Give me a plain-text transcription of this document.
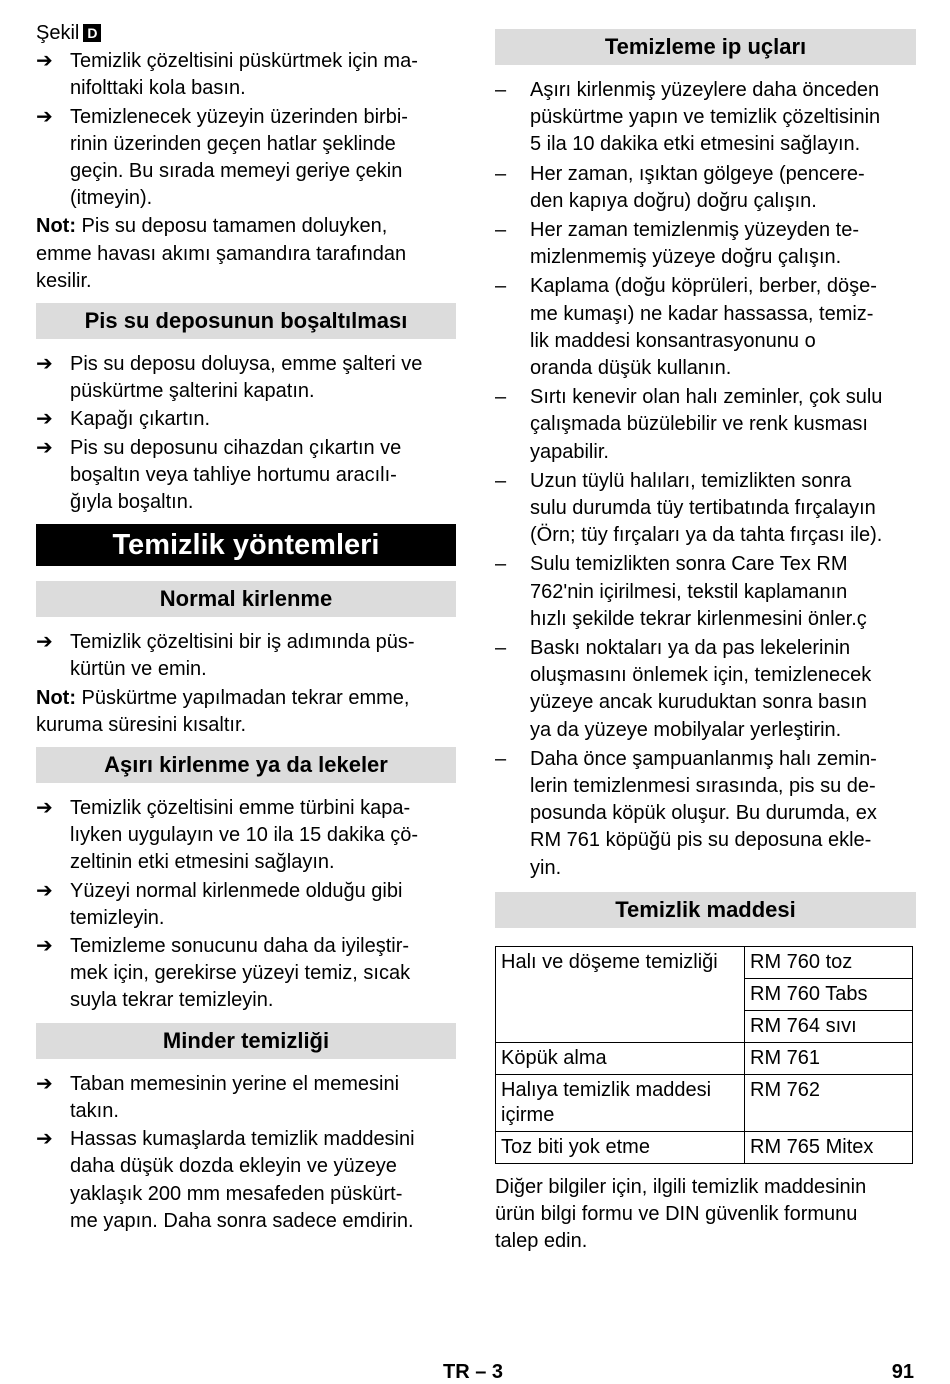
Şekil D
➔ Temizlik çözeltisini püskürtmek için ma-
nifolttaki kola basın.
➔ Temizlenecek yüzeyin üzerinden birbi-
rinin üzerinden geçen hatlar şeklinde
geçin. Bu sırada memeyi geriye çekin
(itmeyin).
Not: Pis su deposu tamamen doluyken,
emme havası akımı şamandıra tarafından
kesilir.
Pis su deposunun boşaltılması
➔ Pis su deposu doluysa, emme şalteri ve
püskürtme şalterini kapatın.
➔ Kapağı çıkartın.
➔ Pis su deposunu cihazdan çıkartın ve
boşaltın veya tahliye hortumu aracılı-
ğıyla boşaltın.
Temizlik yöntemleri
Normal kirlenme
➔ Temizlik çözeltisini bir iş adımında püs-
kürtün ve emin.
Not: Püskürtme yapılmadan tekrar emme,
kuruma süresini kısaltır.
Aşırı kirlenme ya da lekeler
➔ Temizlik çözeltisini emme türbini kapa-
lıyken uygulayın ve 10 ila 15 dakika çö-
zeltinin etki etmesini sağlayın.
➔ Yüzeyi normal kirlenmede olduğu gibi
temizleyin.
➔ Temizleme sonucunu daha da iyileştir-
mek için, gerekirse yüzeyi temiz, sıcak
suyla tekrar temizleyin.
Minder temizliği
➔ Taban memesinin yerine el memesini
takın.
➔ Hassas kumaşlarda temizlik maddesini
daha düşük dozda ekleyin ve yüzeye
yaklaşık 200 mm mesafeden püskürt-
me yapın. Daha sonra sadece emdirin.
Temizleme ip uçları
– Aşırı kirlenmiş yüzeylere daha önceden
püskürtme yapın ve temizlik çözeltisinin
5 ila 10 dakika etki etmesini sağlayın.
– Her zaman, ışıktan gölgeye (pencere-
den kapıya doğru) doğru çalışın.
– Her zaman temizlenmiş yüzeyden te-
mizlenmemiş yüzeye doğru çalışın.
– Kaplama (doğu köprüleri, berber, döşe-
me kumaşı) ne kadar hassassa, temiz-
lik maddesi konsantrasyonunu o
oranda düşük kullanın.
– Sırtı kenevir olan halı zeminler, çok sulu
çalışmada büzülebilir ve renk kusması
yapabilir.
– Uzun tüylü halıları, temizlikten sonra
sulu durumda tüy tertibatında fırçalayın
(Örn; tüy fırçaları ya da tahta fırçası ile).
– Sulu temizlikten sonra Care Tex RM
762'nin içirilmesi, tekstil kaplamanın
hızlı şekilde tekrar kirlenmesini önler.ç
– Baskı noktaları ya da pas lekelerinin
oluşmasını önlemek için, temizlenecek
yüzeye ancak kuruduktan sonra basın
ya da yüzeye mobilyalar yerleştirin.
– Daha önce şampuanlanmış halı zemin-
lerin temizlenmesi sırasında, pis su de-
posunda köpük oluşur. Bu durumda, ex
RM 761 köpüğü pis su deposuna ekle-
yin.
Temizlik maddesi
Halı ve döşeme temizliği	RM 760 toz
	RM 760 Tabs
	RM 764 sıvı
Köpük alma	RM 761
Halıya temizlik maddesi
içirme	RM 762
Toz biti yok etme	RM 765 Mitex
Diğer bilgiler için, ilgili temizlik maddesinin
ürün bilgi formu ve DIN güvenlik formunu
talep edin.
TR – 3	91
